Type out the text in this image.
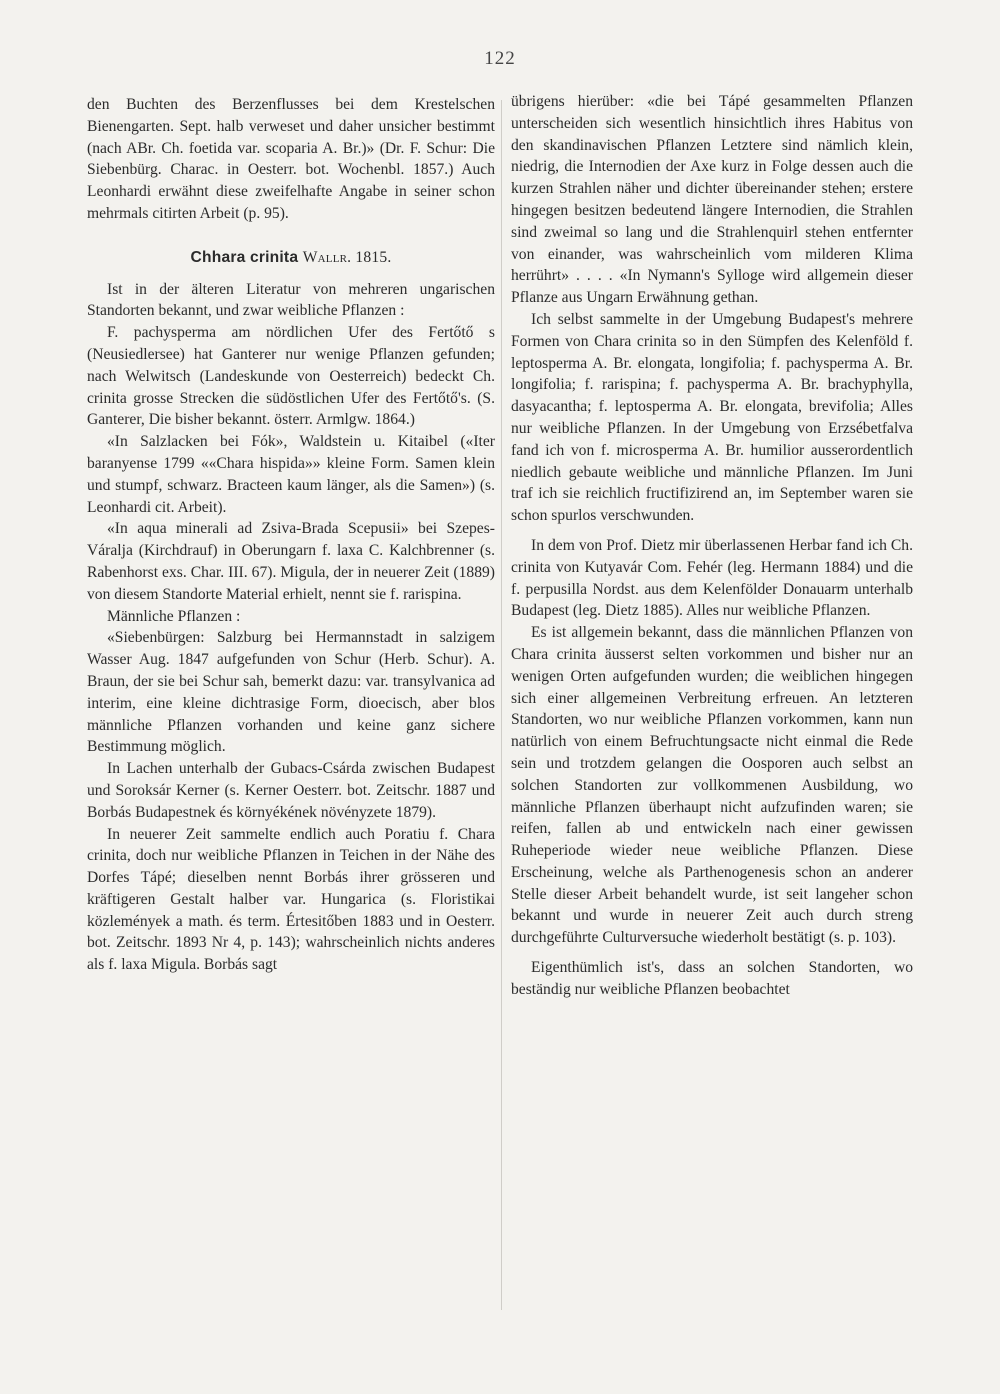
122

den Buchten des Berzenflusses bei dem Krestelschen Bienengarten. Sept. halb verweset und daher unsicher bestimmt (nach ABr. Ch. foetida var. scoparia A. Br.)» (Dr. F. Schur: Die Siebenbürg. Charac. in Oesterr. bot. Wochenbl. 1857.) Auch Leonhardi erwähnt diese zweifelhafte Angabe in seiner schon mehrmals citirten Arbeit (p. 95).

Chhara crinita Wallr. 1815.

Ist in der älteren Literatur von mehreren ungarischen Standorten bekannt, und zwar weibliche Pflanzen :

F. pachysperma am nördlichen Ufer des Fertőtő s (Neusiedlersee) hat Ganterer nur wenige Pflanzen gefunden; nach Welwitsch (Landeskunde von Oesterreich) bedeckt Ch. crinita grosse Strecken die südöstlichen Ufer des Fertőtő's. (S. Ganterer, Die bisher bekannt. österr. Armlgw. 1864.)

«In Salzlacken bei Fók», Waldstein u. Kitaibel («Iter baranyense 1799 ««Chara hispida»» kleine Form. Samen klein und stumpf, schwarz. Bracteen kaum länger, als die Samen») (s. Leonhardi cit. Arbeit).

«In aqua minerali ad Zsiva-Brada Scepusii» bei Szepes-Váralja (Kirchdrauf) in Oberungarn f. laxa C. Kalchbrenner (s. Rabenhorst exs. Char. III. 67). Migula, der in neuerer Zeit (1889) von diesem Standorte Material erhielt, nennt sie f. rarispina.

Männliche Pflanzen :

«Siebenbürgen: Salzburg bei Hermannstadt in salzigem Wasser Aug. 1847 aufgefunden von Schur (Herb. Schur). A. Braun, der sie bei Schur sah, bemerkt dazu: var. transylvanica ad interim, eine kleine dichtrasige Form, dioecisch, aber blos männliche Pflanzen vorhanden und keine ganz sichere Bestimmung möglich.

In Lachen unterhalb der Gubacs-Csárda zwischen Budapest und Soroksár Kerner (s. Kerner Oesterr. bot. Zeitschr. 1887 und Borbás Budapestnek és környékének növényzete 1879).

In neuerer Zeit sammelte endlich auch Poratiu f. Chara crinita, doch nur weibliche Pflanzen in Teichen in der Nähe des Dorfes Tápé; dieselben nennt Borbás ihrer grösseren und kräftigeren Gestalt halber var. Hungarica (s. Floristikai közlemények a math. és term. Értesitőben 1883 und in Oesterr. bot. Zeitschr. 1893 Nr 4, p. 143); wahrscheinlich nichts anderes als f. laxa Migula. Borbás sagt

übrigens hierüber: «die bei Tápé gesammelten Pflanzen unterscheiden sich wesentlich hinsichtlich ihres Habitus von den skandinavischen Pflanzen Letztere sind nämlich klein, niedrig, die Internodien der Axe kurz in Folge dessen auch die kurzen Strahlen näher und dichter übereinander stehen; erstere hingegen besitzen bedeutend längere Internodien, die Strahlen sind zweimal so lang und die Strahlenquirl stehen entfernter von einander, was wahrscheinlich vom milderen Klima herrührt» . . . . «In Nymann's Sylloge wird allgemein dieser Pflanze aus Ungarn Erwähnung gethan.

Ich selbst sammelte in der Umgebung Budapest's mehrere Formen von Chara crinita so in den Sümpfen des Kelenföld f. leptosperma A. Br. elongata, longifolia; f. pachysperma A. Br. longifolia; f. rarispina; f. pachysperma A. Br. brachyphylla, dasyacantha; f. leptosperma A. Br. elongata, brevifolia; Alles nur weibliche Pflanzen. In der Umgebung von Erzsébetfalva fand ich von f. microsperma A. Br. humilior ausserordentlich niedlich gebaute weibliche und männliche Pflanzen. Im Juni traf ich sie reichlich fructifizirend an, im September waren sie schon spurlos verschwunden.

In dem von Prof. Dietz mir überlassenen Herbar fand ich Ch. crinita von Kutyavár Com. Fehér (leg. Hermann 1884) und die f. perpusilla Nordst. aus dem Kelenfölder Donauarm unterhalb Budapest (leg. Dietz 1885). Alles nur weibliche Pflanzen.

Es ist allgemein bekannt, dass die männlichen Pflanzen von Chara crinita äusserst selten vorkommen und bisher nur an wenigen Orten aufgefunden wurden; die weiblichen hingegen sich einer allgemeinen Verbreitung erfreuen. An letzteren Standorten, wo nur weibliche Pflanzen vorkommen, kann nun natürlich von einem Befruchtungsacte nicht einmal die Rede sein und trotzdem gelangen die Oosporen auch selbst an solchen Standorten zur vollkommenen Ausbildung, wo männliche Pflanzen überhaupt nicht aufzufinden waren; sie reifen, fallen ab und entwickeln nach einer gewissen Ruheperiode wieder neue weibliche Pflanzen. Diese Erscheinung, welche als Parthenogenesis schon an anderer Stelle dieser Arbeit behandelt wurde, ist seit langeher schon bekannt und wurde in neuerer Zeit auch durch streng durchgeführte Culturversuche wiederholt bestätigt (s. p. 103).

Eigenthümlich ist's, dass an solchen Standorten, wo beständig nur weibliche Pflanzen beobachtet
